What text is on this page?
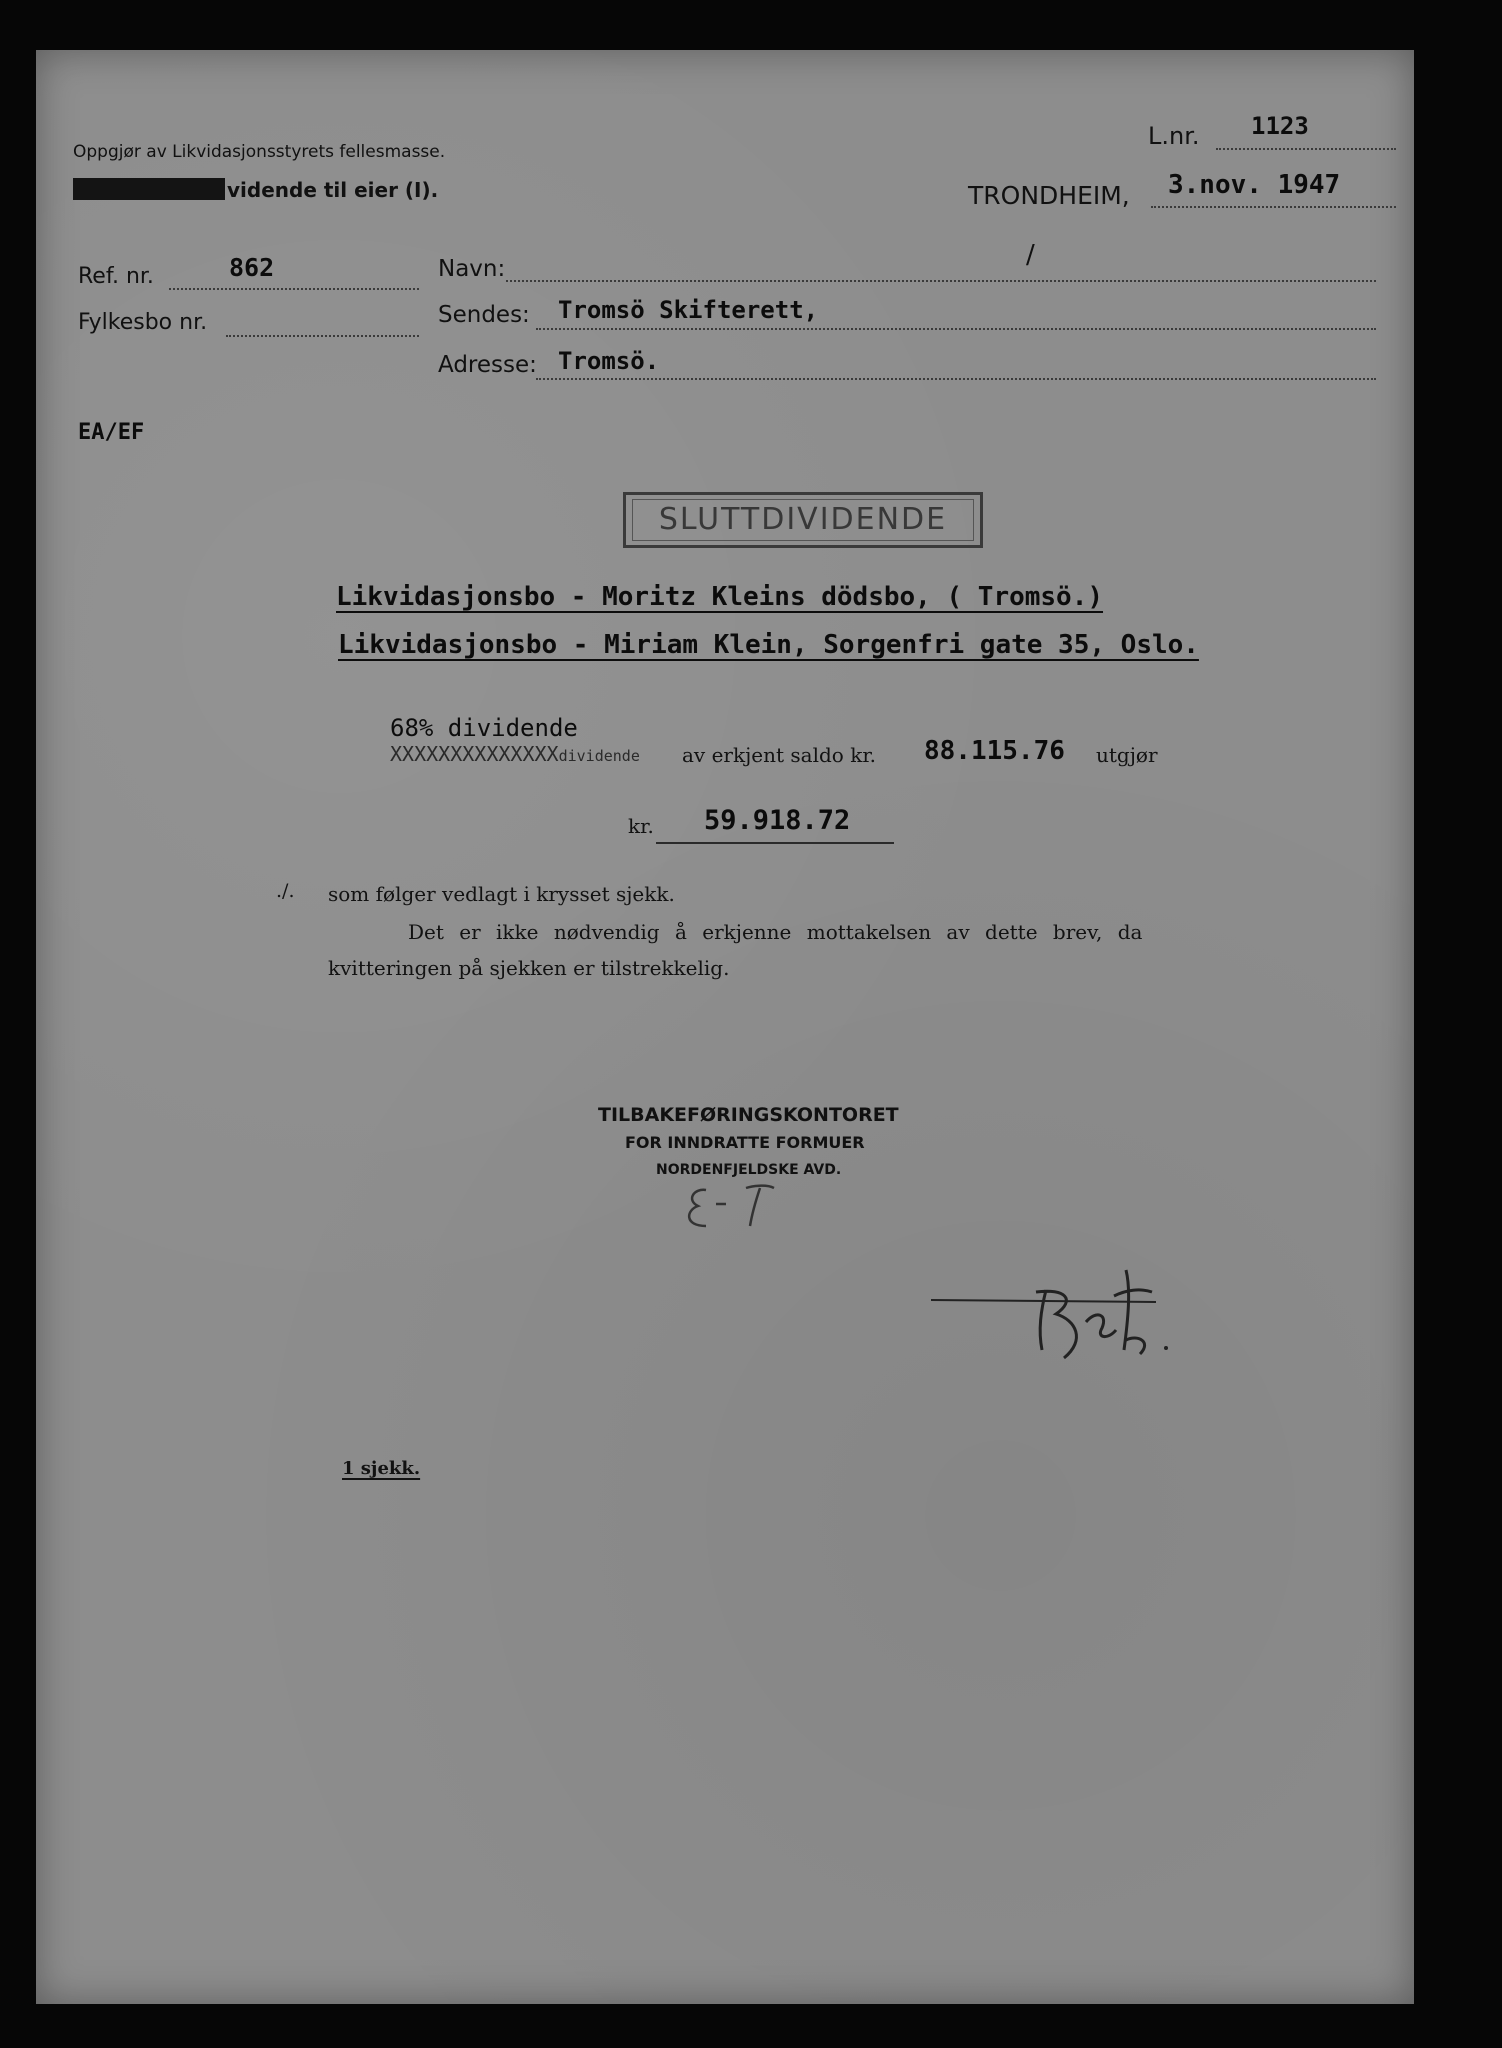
Oppgjør av Likvidasjonsstyrets fellesmasse.
vidende til eier (I).
L.nr. 1123
TRONDHEIM, 3.nov. 1947
Ref. nr.	862
Fylkesbo nr.
Navn:	/
Sendes: Tromsö Skifterett,
Adresse: Tromsö.
EA/EF
SLUTTDIVIDENDE
Likvidasjonsbo - Moritz Kleins dödsbo, ( Tromsö.)
Likvidasjonsbo - Miriam Klein, Sorgenfri gate 35, Oslo.
68% dividende
XXXXXXXXXXXXXXdividende av erkjent saldo kr. 88.115.76 utgjør
kr. 59.918.72
./. som følger vedlagt i krysset sjekk.
Det er ikke nødvendig å erkjenne mottakelsen av dette brev, da
kvitteringen på sjekken er tilstrekkelig.
TILBAKEFØRINGSKONTORET
FOR INNDRATTE FORMUER
NORDENFJELDSKE AVD.
1 sjekk.
